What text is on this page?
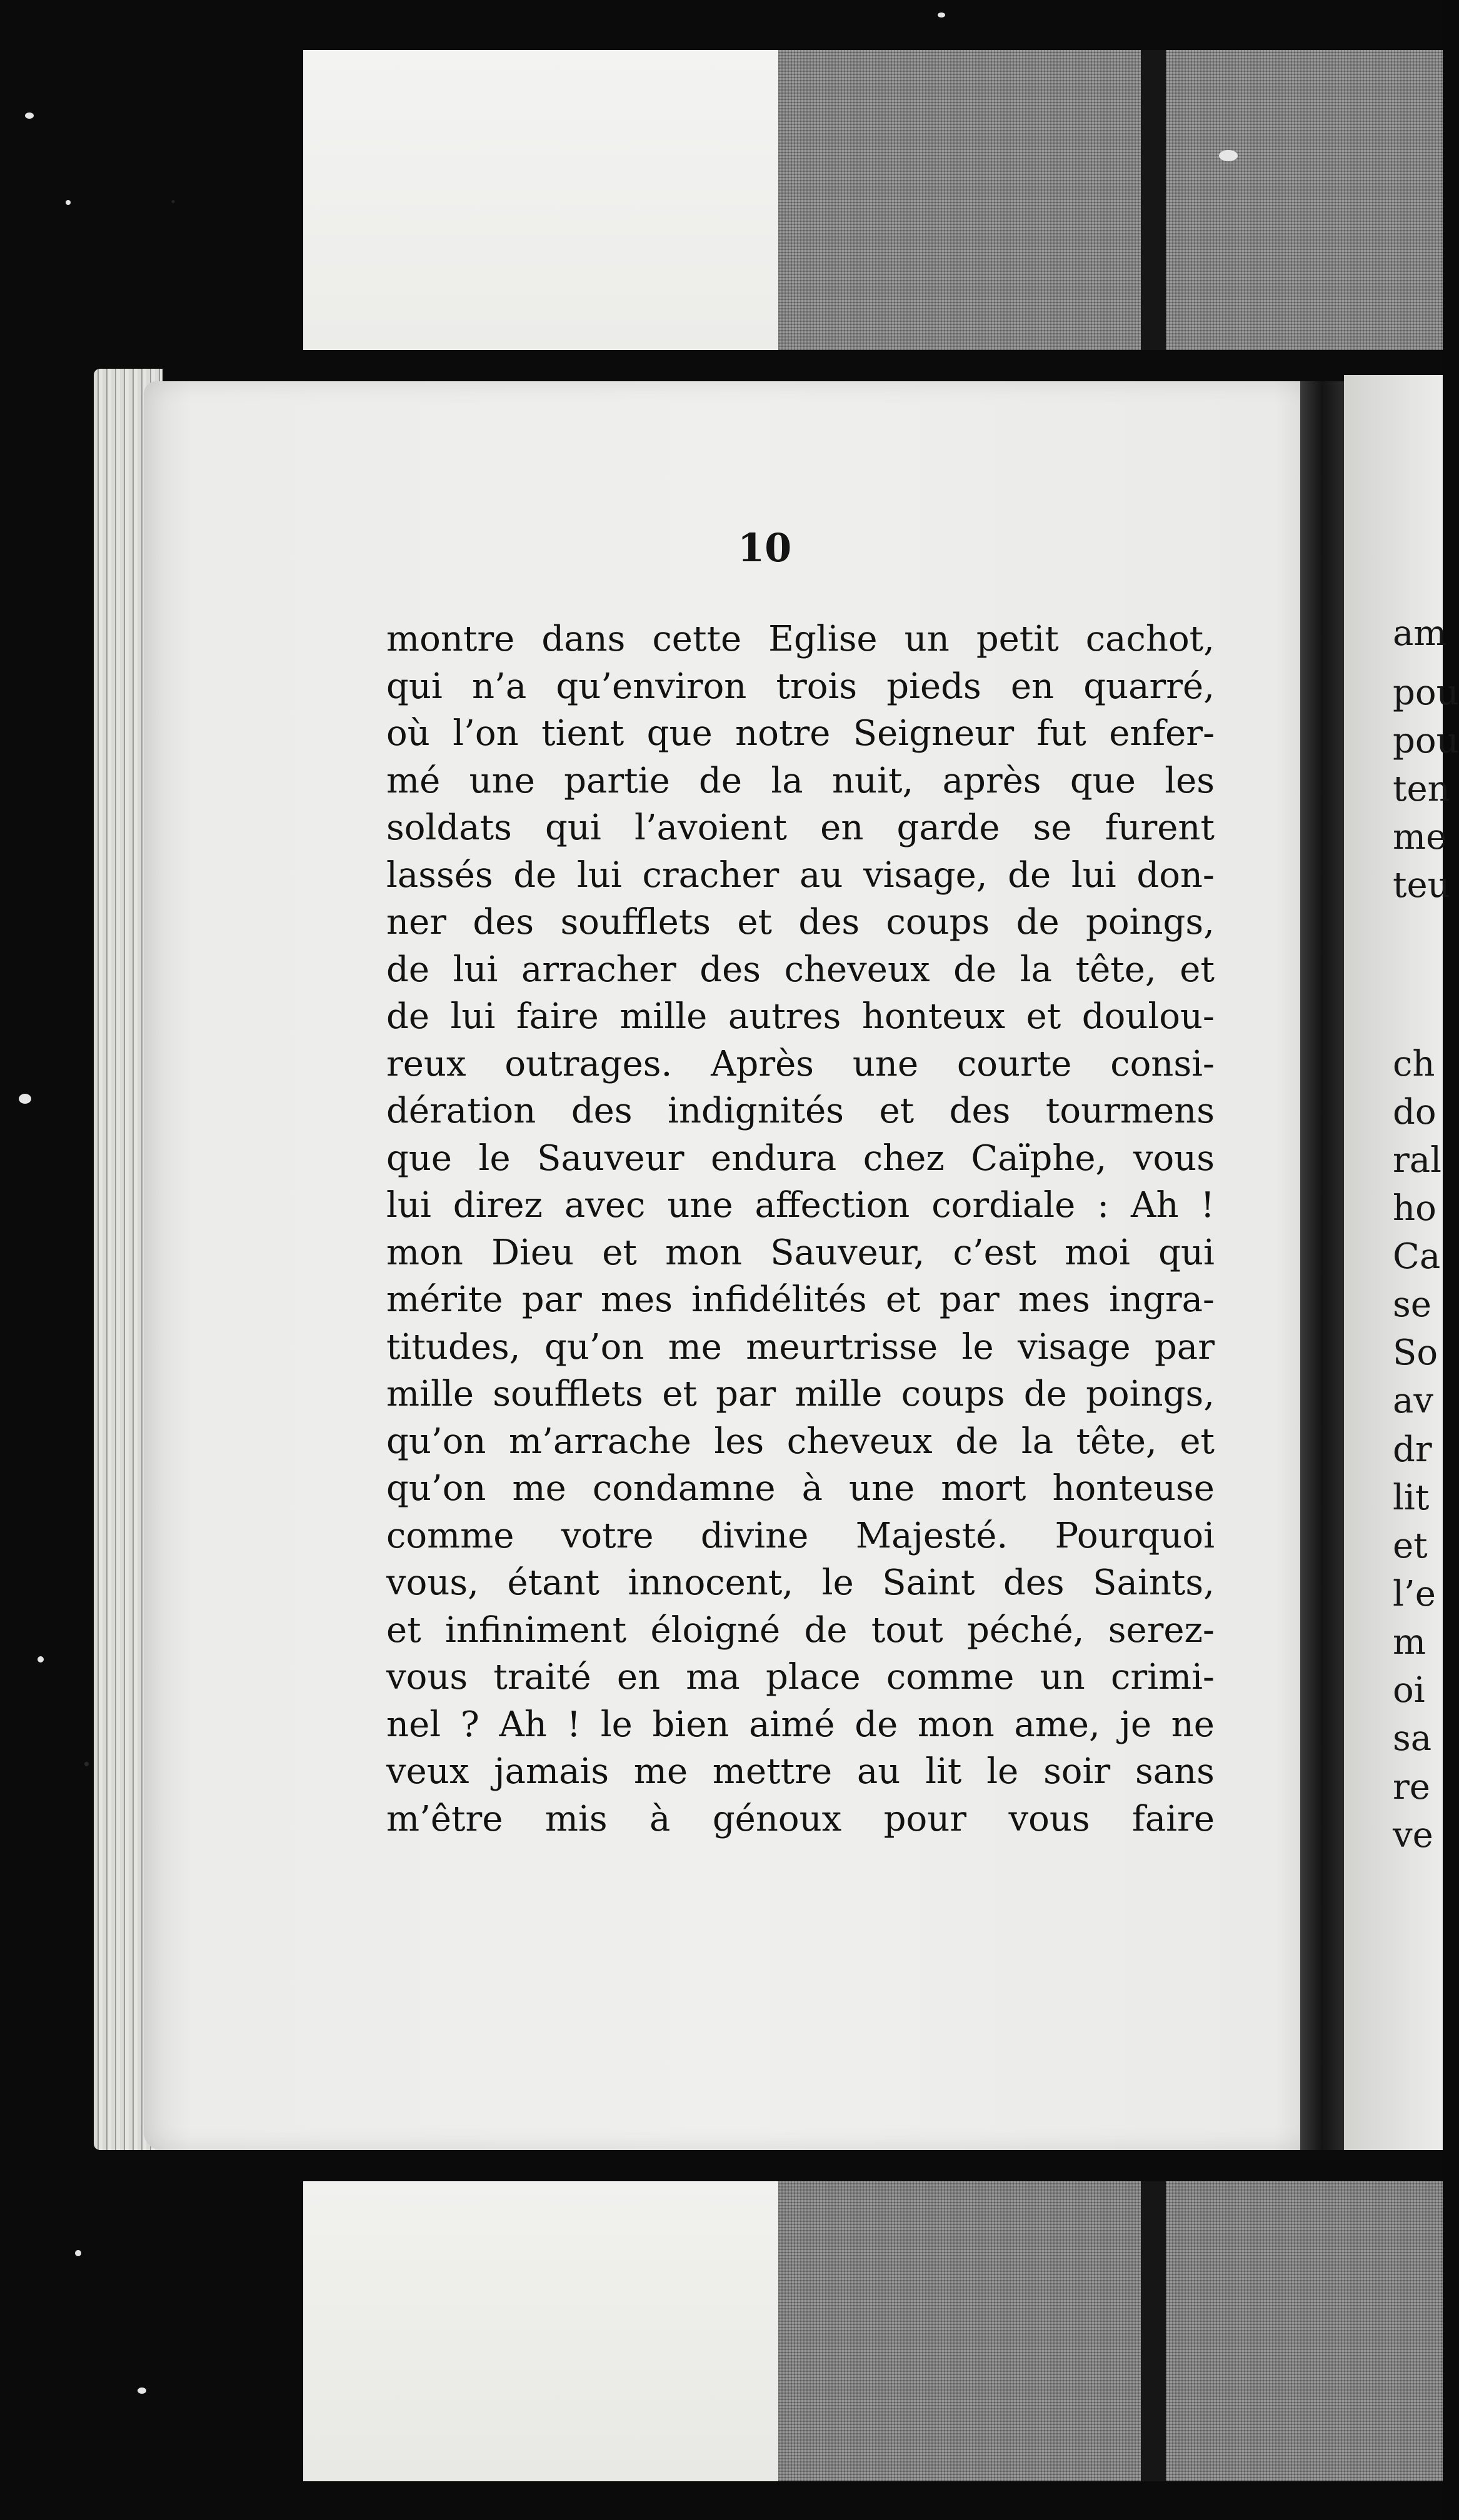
am
pou
pou
ten
me
teu
ch
do
ral
ho
Ca
se
So
av
dr
lit
et
l’e
m
oi
sa
re
ve
10
montre dans cette Eglise un petit cachot,
qui n’a qu’environ trois pieds en quarré,
où l’on tient que notre Seigneur fut enfer-
mé une partie de la nuit, après que les
soldats qui l’avoient en garde se furent
lassés de lui cracher au visage, de lui don-
ner des soufflets et des coups de poings,
de lui arracher des cheveux de la tête, et
de lui faire mille autres honteux et doulou-
reux outrages. Après une courte consi-
dération des indignités et des tourmens
que le Sauveur endura chez Caïphe, vous
lui direz avec une affection cordiale : Ah !
mon Dieu et mon Sauveur, c’est moi qui
mérite par mes infidélités et par mes ingra-
titudes, qu’on me meurtrisse le visage par
mille soufflets et par mille coups de poings,
qu’on m’arrache les cheveux de la tête, et
qu’on me condamne à une mort honteuse
comme votre divine Majesté. Pourquoi
vous, étant innocent, le Saint des Saints,
et infiniment éloigné de tout péché, serez-
vous traité en ma place comme un crimi-
nel ? Ah ! le bien aimé de mon ame, je ne
veux jamais me mettre au lit le soir sans
m’être mis à génoux pour vous faire
